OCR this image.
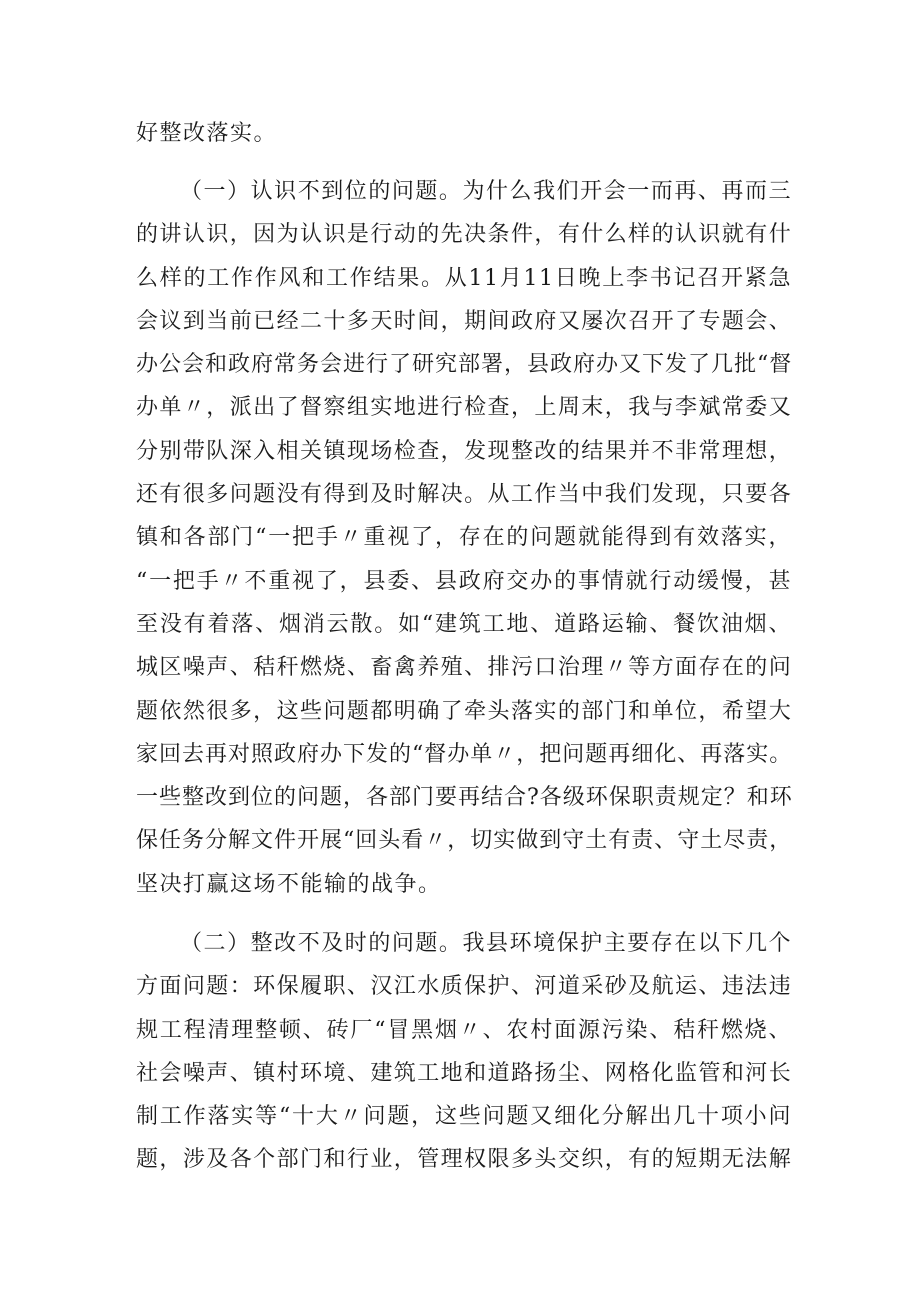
好整改落实。
（一）认识不到位的问题。为什么我们开会一而再、再而三
的讲认识，因为认识是行动的先决条件，有什么样的认识就有什
么样的工作作风和工作结果。从11月11日晚上李书记召开紧急
会议到当前已经二十多天时间，期间政府又屡次召开了专题会、
办公会和政府常务会进行了研究部署，县政府办又下发了几批“督
办单〃，派出了督察组实地进行检查，上周末，我与李斌常委又
分别带队深入相关镇现场检查，发现整改的结果并不非常理想，
还有很多问题没有得到及时解决。从工作当中我们发现，只要各
镇和各部门“一把手〃重视了，存在的问题就能得到有效落实，
“一把手〃不重视了，县委、县政府交办的事情就行动缓慢，甚
至没有着落、烟消云散。如“建筑工地、道路运输、餐饮油烟、
城区噪声、秸秆燃烧、畜禽养殖、排污口治理〃等方面存在的问
题依然很多，这些问题都明确了牵头落实的部门和单位，希望大
家回去再对照政府办下发的“督办单〃，把问题再细化、再落实。
一些整改到位的问题，各部门要再结合?各级环保职责规定？和环
保任务分解文件开展“回头看〃，切实做到守土有责、守土尽责，
坚决打赢这场不能输的战争。
（二）整改不及时的问题。我县环境保护主要存在以下几个
方面问题：环保履职、汉江水质保护、河道采砂及航运、违法违
规工程清理整顿、砖厂“冒黑烟〃、农村面源污染、秸秆燃烧、
社会噪声、镇村环境、建筑工地和道路扬尘、网格化监管和河长
制工作落实等“十大〃问题，这些问题又细化分解出几十项小问
题，涉及各个部门和行业，管理权限多头交织，有的短期无法解
